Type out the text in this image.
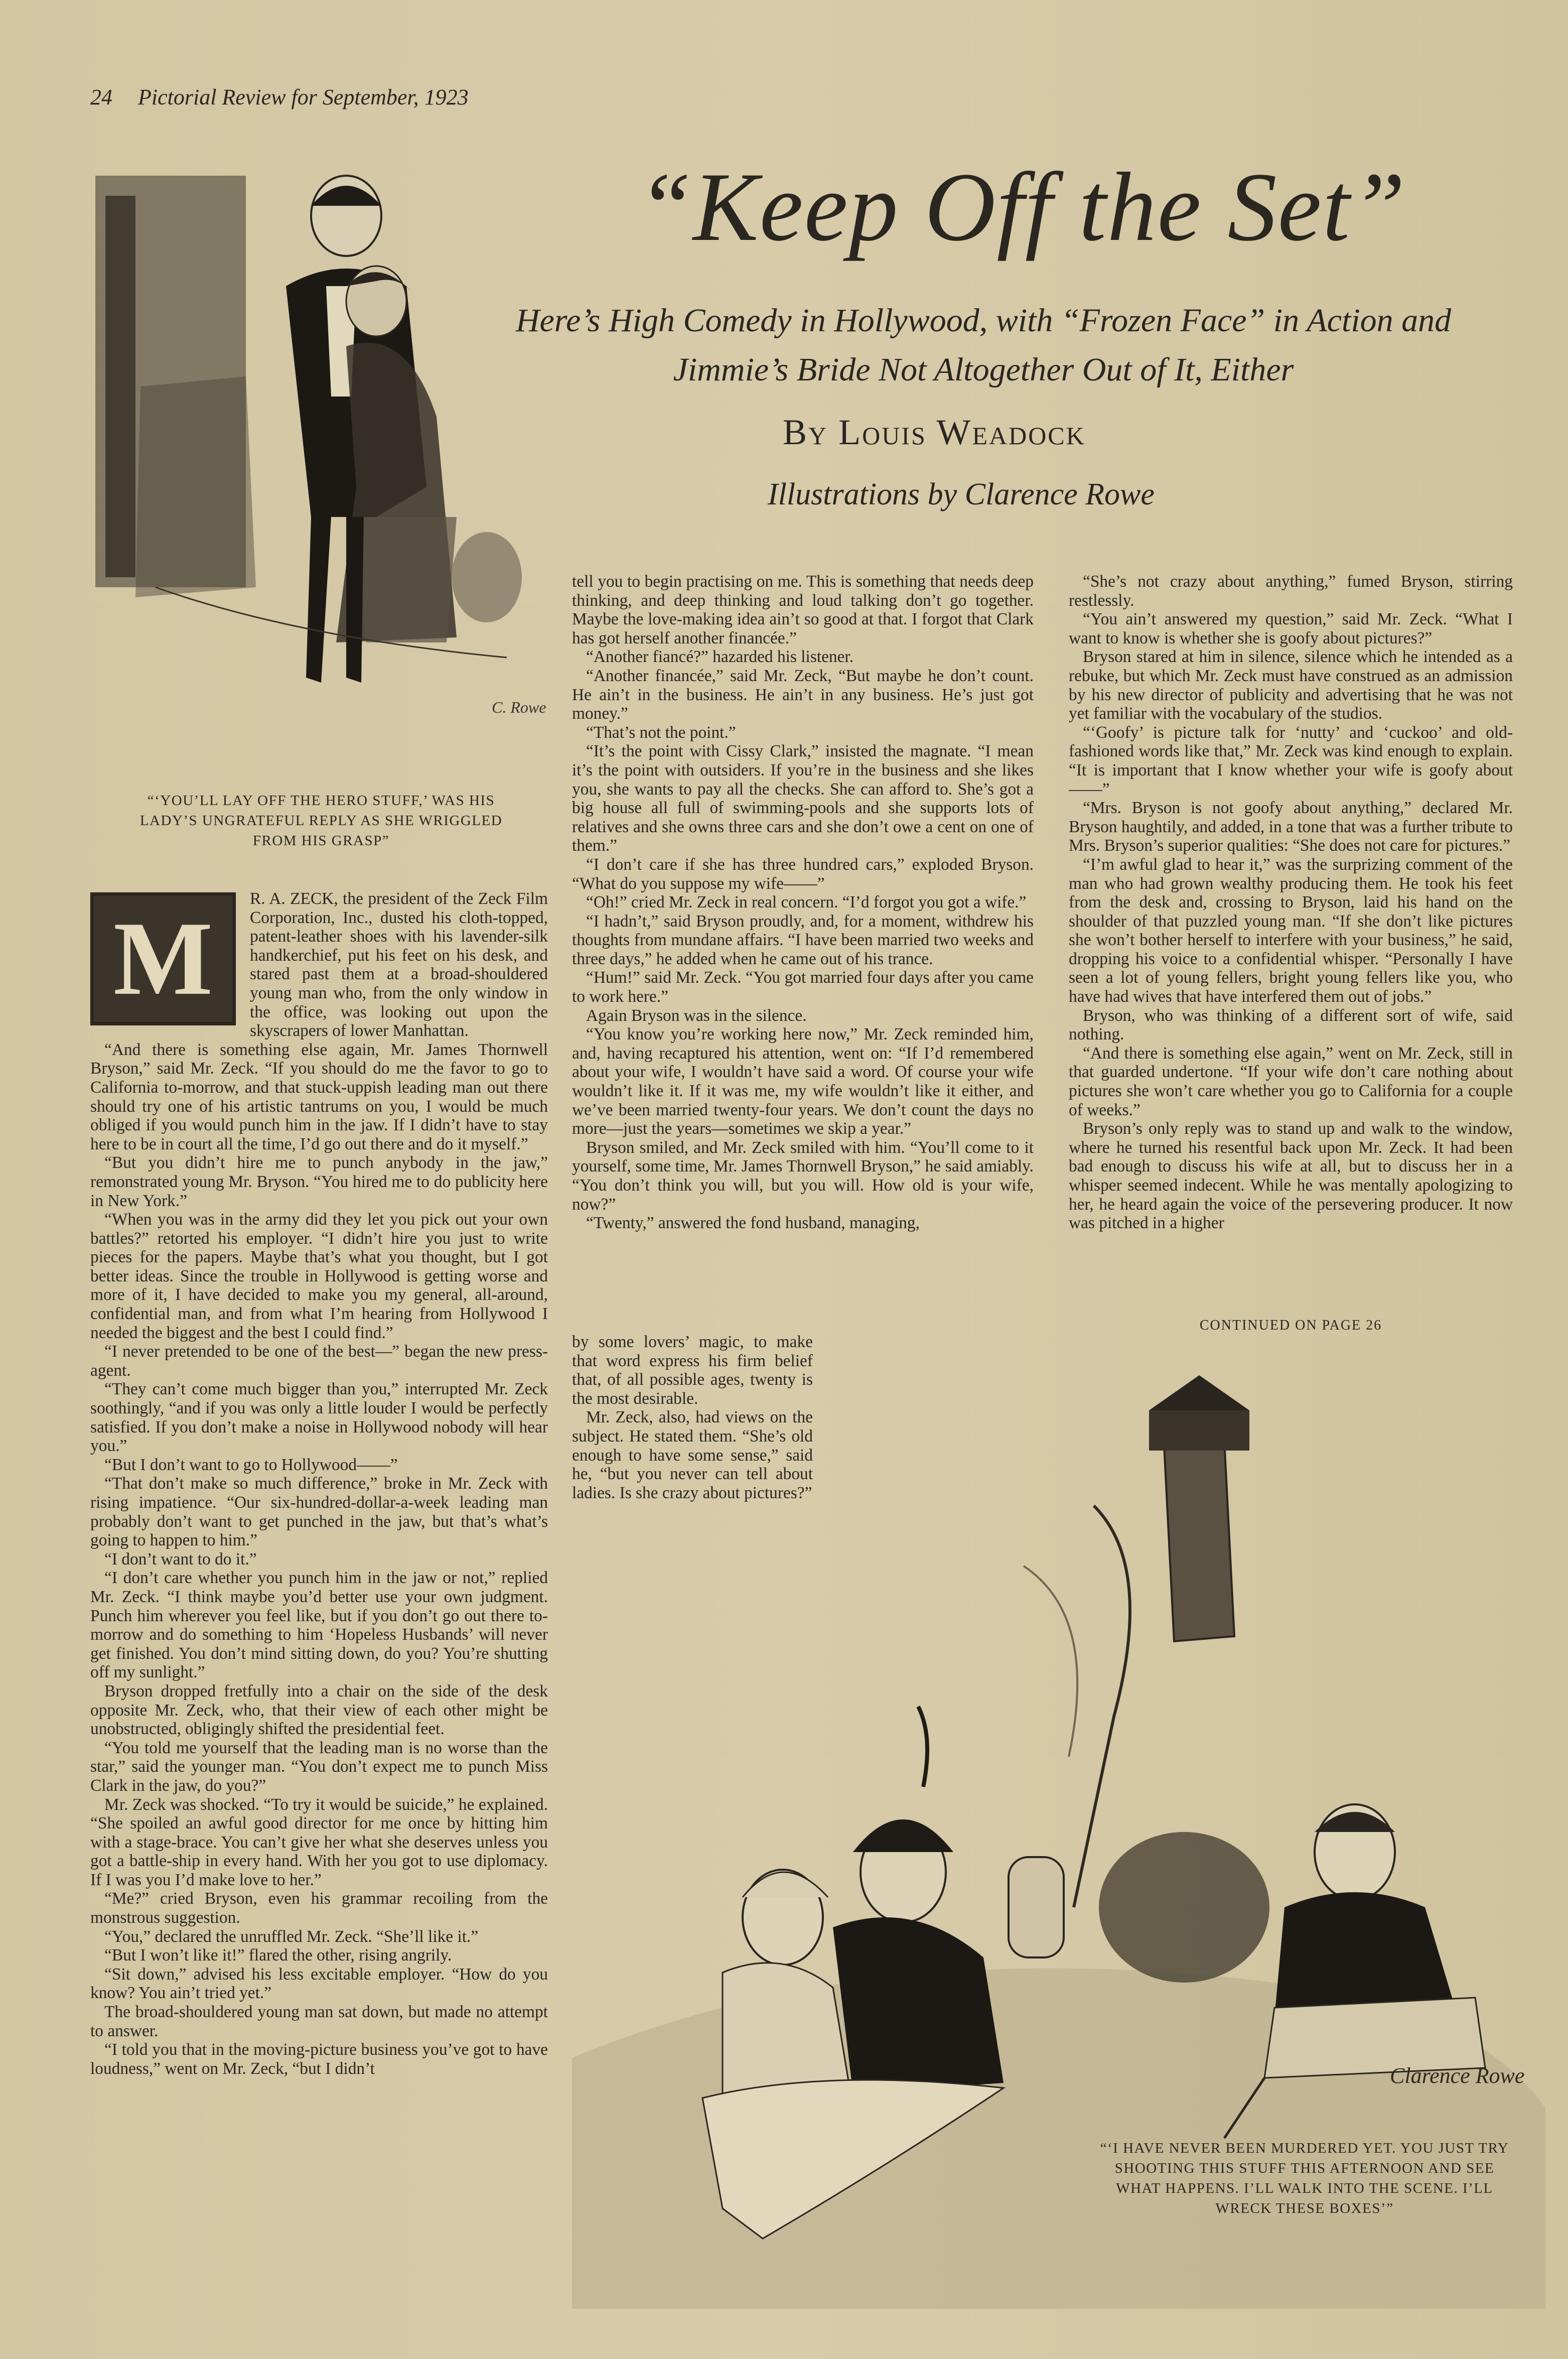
24 Pictorial Review for September, 1923
C. Rowe
“Keep Off the Set”
Here’s High Comedy in Hollywood, with “Frozen Face” in Action and
Jimmie’s Bride Not Altogether Out of It, Either
By Louis Weadock
Illustrations by Clarence Rowe
“‘YOU’LL LAY OFF THE HERO STUFF,’ WAS HIS LADY’S UNGRATEFUL REPLY AS SHE WRIGGLED FROM HIS GRASP”
M

R. A. ZECK, the president of the Zeck Film Corporation, Inc., dusted his cloth-topped, patent-leather shoes with his lavender-silk handkerchief, put his feet on his desk, and stared past them at a broad-shouldered young man who, from the only window in the office, was looking out upon the skyscrapers of lower Manhattan.

“And there is something else again, Mr. James Thornwell Bryson,” said Mr. Zeck. “If you should do me the favor to go to California to-morrow, and that stuck-uppish leading man out there should try one of his artistic tantrums on you, I would be much obliged if you would punch him in the jaw. If I didn’t have to stay here to be in court all the time, I’d go out there and do it myself.”

“But you didn’t hire me to punch anybody in the jaw,” remonstrated young Mr. Bryson. “You hired me to do publicity here in New York.”

“When you was in the army did they let you pick out your own battles?” retorted his employer. “I didn’t hire you just to write pieces for the papers. Maybe that’s what you thought, but I got better ideas. Since the trouble in Hollywood is getting worse and more of it, I have decided to make you my general, all-around, confidential man, and from what I’m hearing from Hollywood I needed the biggest and the best I could find.”

“I never pretended to be one of the best—” began the new press-agent.

“They can’t come much bigger than you,” interrupted Mr. Zeck soothingly, “and if you was only a little louder I would be perfectly satisfied. If you don’t make a noise in Hollywood nobody will hear you.”

“But I don’t want to go to Hollywood——”

“That don’t make so much difference,” broke in Mr. Zeck with rising impatience. “Our six-hundred-dollar-a-week leading man probably don’t want to get punched in the jaw, but that’s what’s going to happen to him.”

“I don’t want to do it.”

“I don’t care whether you punch him in the jaw or not,” replied Mr. Zeck. “I think maybe you’d better use your own judgment. Punch him wherever you feel like, but if you don’t go out there to-morrow and do something to him ‘Hopeless Husbands’ will never get finished. You don’t mind sitting down, do you? You’re shutting off my sunlight.”

Bryson dropped fretfully into a chair on the side of the desk opposite Mr. Zeck, who, that their view of each other might be unobstructed, obligingly shifted the presidential feet.

“You told me yourself that the leading man is no worse than the star,” said the younger man. “You don’t expect me to punch Miss Clark in the jaw, do you?”

Mr. Zeck was shocked. “To try it would be suicide,” he explained. “She spoiled an awful good director for me once by hitting him with a stage-brace. You can’t give her what she deserves unless you got a battle-ship in every hand. With her you got to use diplomacy. If I was you I’d make love to her.”

“Me?” cried Bryson, even his grammar recoiling from the monstrous suggestion.

“You,” declared the unruffled Mr. Zeck. “She’ll like it.”

“But I won’t like it!” flared the other, rising angrily.

“Sit down,” advised his less excitable employer. “How do you know? You ain’t tried yet.”

The broad-shouldered young man sat down, but made no attempt to answer.

“I told you that in the moving-picture business you’ve got to have loudness,” went on Mr. Zeck, “but I didn’t

tell you to begin practising on me. This is something that needs deep thinking, and deep thinking and loud talking don’t go together. Maybe the love-making idea ain’t so good at that. I forgot that Clark has got herself another financée.”

“Another fiancé?” hazarded his listener.

“Another financée,” said Mr. Zeck, “But maybe he don’t count. He ain’t in the business. He ain’t in any business. He’s just got money.”

“That’s not the point.”

“It’s the point with Cissy Clark,” insisted the magnate. “I mean it’s the point with outsiders. If you’re in the business and she likes you, she wants to pay all the checks. She can afford to. She’s got a big house all full of swimming-pools and she supports lots of relatives and she owns three cars and she don’t owe a cent on one of them.”

“I don’t care if she has three hundred cars,” exploded Bryson. “What do you suppose my wife——”

“Oh!” cried Mr. Zeck in real concern. “I’d forgot you got a wife.”

“I hadn’t,” said Bryson proudly, and, for a moment, withdrew his thoughts from mundane affairs. “I have been married two weeks and three days,” he added when he came out of his trance.

“Hum!” said Mr. Zeck. “You got married four days after you came to work here.”

Again Bryson was in the silence.

“You know you’re working here now,” Mr. Zeck reminded him, and, having recaptured his attention, went on: “If I’d remembered about your wife, I wouldn’t have said a word. Of course your wife wouldn’t like it. If it was me, my wife wouldn’t like it either, and we’ve been married twenty-four years. We don’t count the days no more—just the years—sometimes we skip a year.”

Bryson smiled, and Mr. Zeck smiled with him. “You’ll come to it yourself, some time, Mr. James Thornwell Bryson,” he said amiably. “You don’t think you will, but you will. How old is your wife, now?”

“Twenty,” answered the fond husband, managing,

by some lovers’ magic, to make that word express his firm belief that, of all possible ages, twenty is the most desirable.

Mr. Zeck, also, had views on the subject. He stated them. “She’s old enough to have some sense,” said he, “but you never can tell about ladies. Is she crazy about pictures?”

“She’s not crazy about anything,” fumed Bryson, stirring restlessly.

“You ain’t answered my question,” said Mr. Zeck. “What I want to know is whether she is goofy about pictures?”

Bryson stared at him in silence, silence which he intended as a rebuke, but which Mr. Zeck must have construed as an admission by his new director of publicity and advertising that he was not yet familiar with the vocabulary of the studios.

“‘Goofy’ is picture talk for ‘nutty’ and ‘cuckoo’ and old-fashioned words like that,” Mr. Zeck was kind enough to explain. “It is important that I know whether your wife is goofy about——”

“Mrs. Bryson is not goofy about anything,” declared Mr. Bryson haughtily, and added, in a tone that was a further tribute to Mrs. Bryson’s superior qualities: “She does not care for pictures.”

“I’m awful glad to hear it,” was the surprizing comment of the man who had grown wealthy producing them. He took his feet from the desk and, crossing to Bryson, laid his hand on the shoulder of that puzzled young man. “If she don’t like pictures she won’t bother herself to interfere with your business,” he said, dropping his voice to a confidential whisper. “Personally I have seen a lot of young fellers, bright young fellers like you, who have had wives that have interfered them out of jobs.”

Bryson, who was thinking of a different sort of wife, said nothing.

“And there is something else again,” went on Mr. Zeck, still in that guarded undertone. “If your wife don’t care nothing about pictures she won’t care whether you go to California for a couple of weeks.”

Bryson’s only reply was to stand up and walk to the window, where he turned his resentful back upon Mr. Zeck. It had been bad enough to discuss his wife at all, but to discuss her in a whisper seemed indecent. While he was mentally apologizing to her, he heard again the voice of the persevering producer. It now was pitched in a higher

CONTINUED ON PAGE 26
Clarence Rowe
“‘I HAVE NEVER BEEN MURDERED YET. YOU JUST TRY SHOOTING THIS STUFF THIS AFTERNOON AND SEE WHAT HAPPENS. I’LL WALK INTO THE SCENE. I’LL WRECK THESE BOXES’”
